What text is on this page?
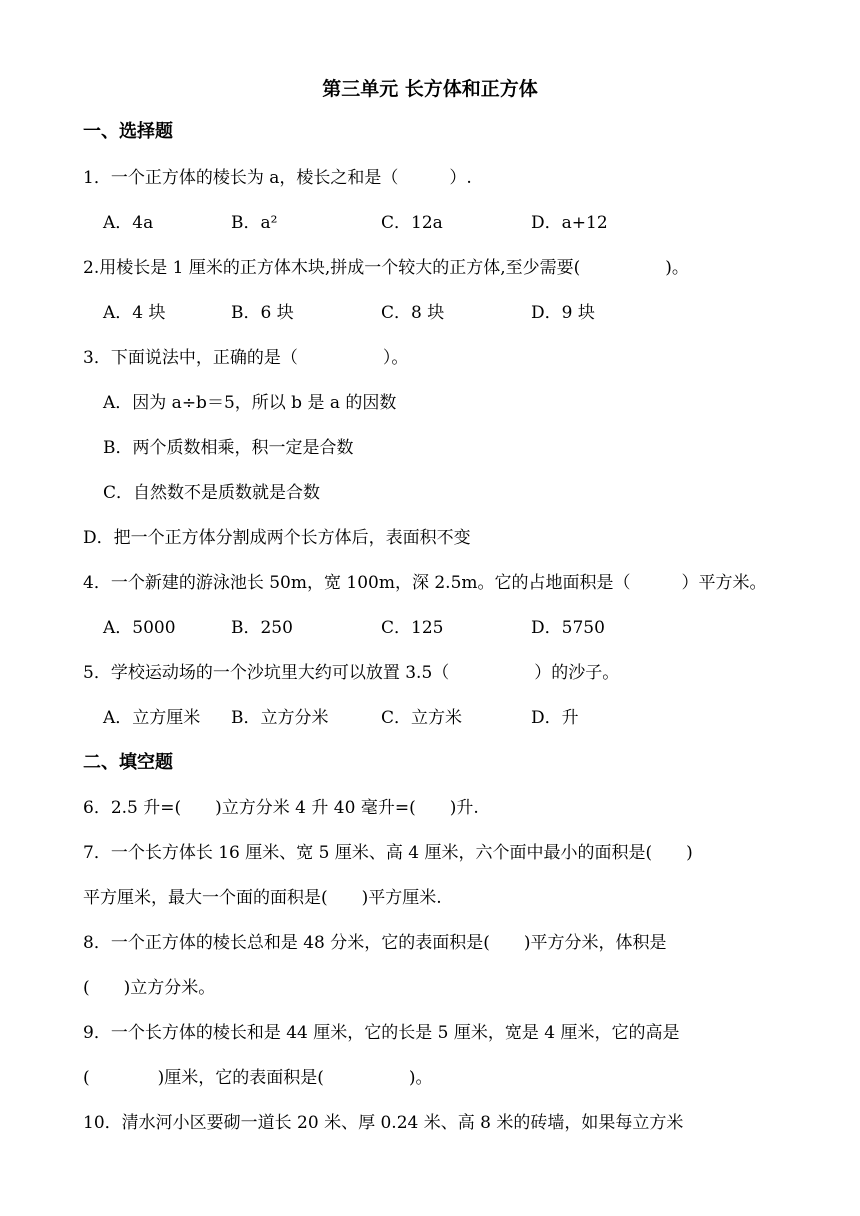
第三单元 长方体和正方体
一、选择题
1．一个正方体的棱长为 a，棱长之和是（　　　）.
A．4a	B．a²	C．12a	D．a+12
2.用棱长是 1 厘米的正方体木块,拼成一个较大的正方体,至少需要(　　　　　)。
A．4 块	B．6 块	C．8 块	D．9 块
3．下面说法中，正确的是（　　　　　）。
A．因为 a÷b＝5，所以 b 是 a 的因数
B．两个质数相乘，积一定是合数
C．自然数不是质数就是合数
D．把一个正方体分割成两个长方体后，表面积不变
4．一个新建的游泳池长 50m，宽 100m，深 2.5m。它的占地面积是（　　　）平方米。
A．5000	B．250	C．125	D．5750
5．学校运动场的一个沙坑里大约可以放置 3.5（　　　　　）的沙子。
A．立方厘米 B．立方分米	C．立方米	D．升
二、填空题
6．2.5 升=(　　)立方分米 4 升 40 毫升=(　　)升.
7．一个长方体长 16 厘米、宽 5 厘米、高 4 厘米，六个面中最小的面积是(　　)
平方厘米，最大一个面的面积是(　　)平方厘米.
8．一个正方体的棱长总和是 48 分米，它的表面积是(　　)平方分米，体积是
(　　)立方分米。
9．一个长方体的棱长和是 44 厘米，它的长是 5 厘米，宽是 4 厘米，它的高是
(　　　　)厘米，它的表面积是(　　　　　)。
10．清水河小区要砌一道长 20 米、厚 0.24 米、高 8 米的砖墙，如果每立方米
